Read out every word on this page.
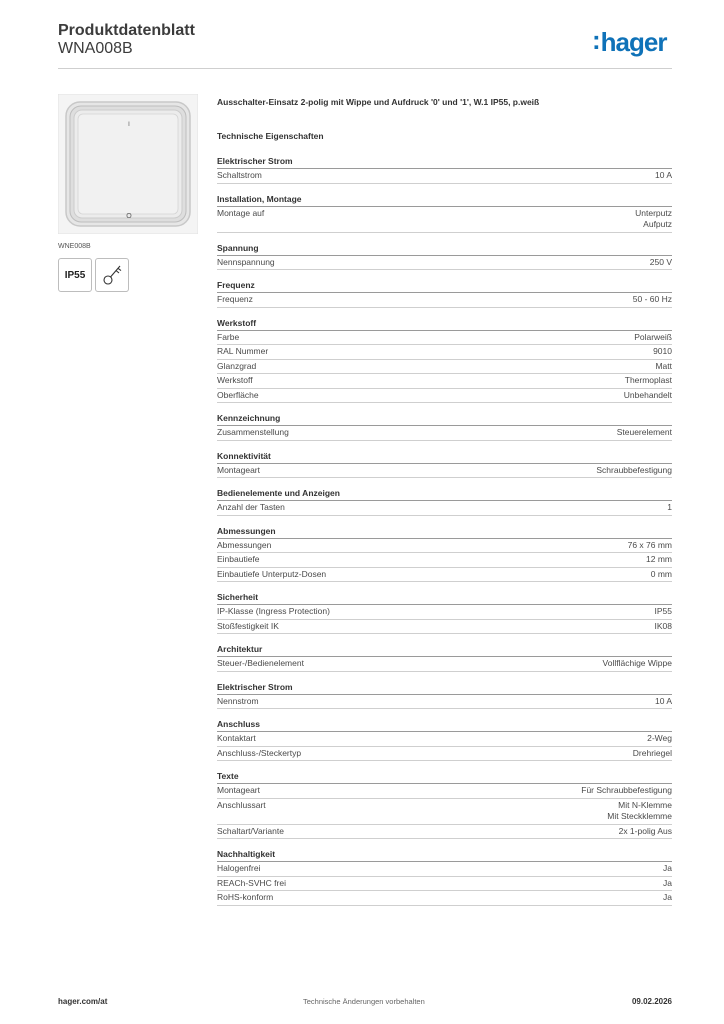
Produktdatenblatt
WNA008B	:hager
I
O
WNE008B
IP55
Ausschalter-Einsatz 2-polig mit Wippe und Aufdruck '0' und '1', W.1 IP55, p.weiß
Technische Eigenschaften
Elektrischer Strom
Schaltstrom	10 A
Installation, Montage
Montage auf	Unterputz
Aufputz
Spannung
Nennspannung	250 V
Frequenz
Frequenz	50 - 60 Hz
Werkstoff
Farbe	Polarweiß
RAL Nummer	9010
Glanzgrad	Matt
Werkstoff	Thermoplast
Oberfläche	Unbehandelt
Kennzeichnung
Zusammenstellung	Steuerelement
Konnektivität
Montageart	Schraubbefestigung
Bedienelemente und Anzeigen
Anzahl der Tasten	1
Abmessungen
Abmessungen	76 x 76 mm
Einbautiefe	12 mm
Einbautiefe Unterputz-Dosen	0 mm
Sicherheit
IP-Klasse (Ingress Protection)	IP55
Stoßfestigkeit IK	IK08
Architektur
Steuer-/Bedienelement	Vollflächige Wippe
Elektrischer Strom
Nennstrom	10 A
Anschluss
Kontaktart	2-Weg
Anschluss-/Steckertyp	Drehriegel
Texte
Montageart	Für Schraubbefestigung
Anschlussart	Mit N-Klemme
Mit Steckklemme
Schaltart/Variante	2x 1-polig Aus
Nachhaltigkeit
Halogenfrei	Ja
REACh-SVHC frei	Ja
RoHS-konform	Ja
hager.com/at	Technische Änderungen vorbehalten	09.02.2026
